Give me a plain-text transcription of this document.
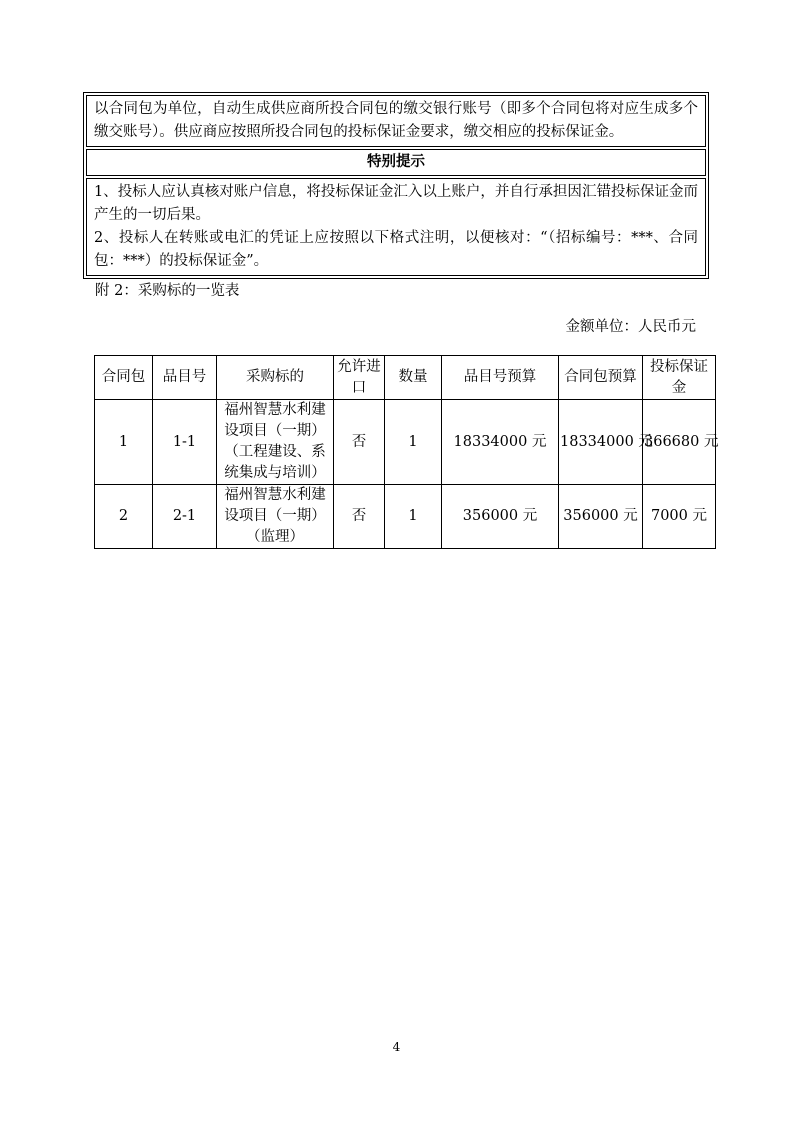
以合同包为单位，自动生成供应商所投合同包的缴交银行账号（即多个合同包将对应生成多个缴交账号）。供应商应按照所投合同包的投标保证金要求，缴交相应的投标保证金。

特别提示

1、投标人应认真核对账户信息，将投标保证金汇入以上账户，并自行承担因汇错投标保证金而产生的一切后果。

2、投标人在转账或电汇的凭证上应按照以下格式注明，以便核对：“（招标编号：***、合同包：***）的投标保证金”。

附 2：采购标的一览表
金额单位：人民币元
合同包	品目号	采购标的	允许进口	数量	品目号预算	合同包预算	投标保证金
1	1-1	福州智慧水利建设项目（一期）（工程建设、系统集成与培训）	否	1	18334000 元	18334000 元	366680 元
2	2-1	福州智慧水利建设项目（一期）（监理）	否	1	356000 元	356000 元	7000 元
4
